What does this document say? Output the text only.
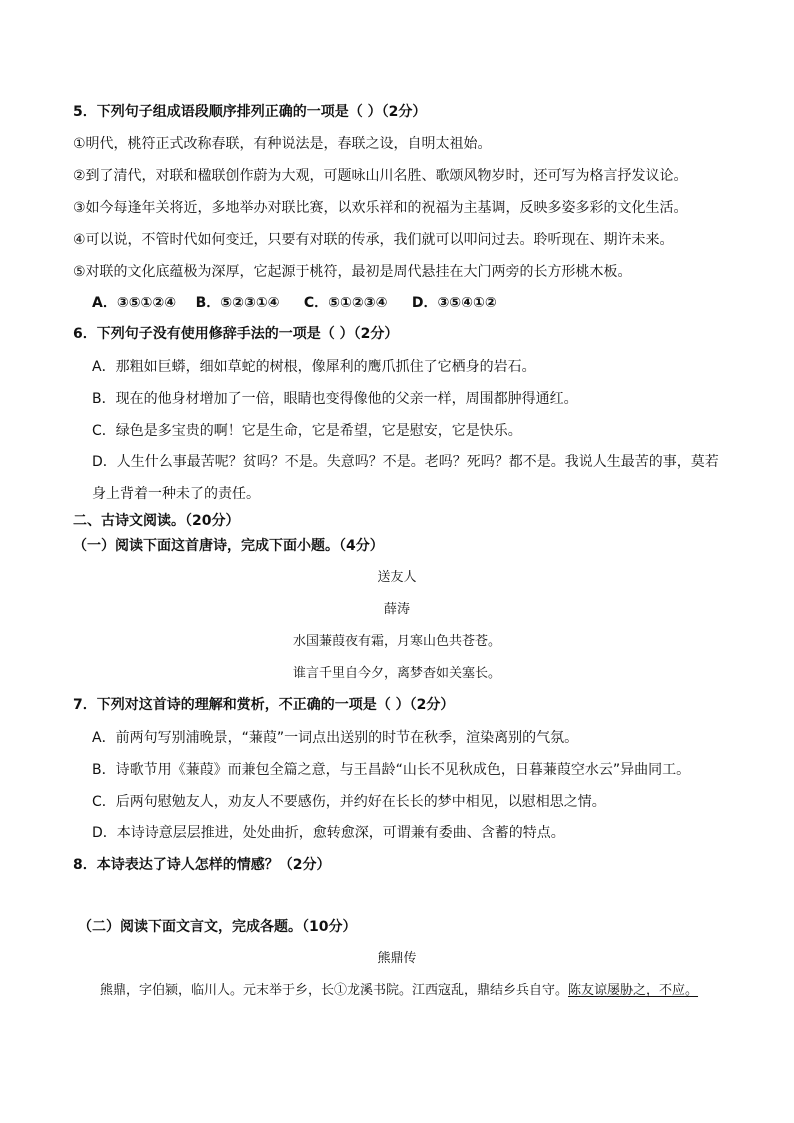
5．下列句子组成语段顺序排列正确的一项是（ ）（2分）
①明代，桃符正式改称春联，有种说法是，春联之设，自明太祖始。
②到了清代，对联和楹联创作蔚为大观，可题咏山川名胜、歌颂风物岁时，还可写为格言抒发议论。
③如今每逢年关将近，多地举办对联比赛，以欢乐祥和的祝福为主基调，反映多姿多彩的文化生活。
④可以说，不管时代如何变迁，只要有对联的传承，我们就可以叩问过去。聆听现在、期许未来。
⑤对联的文化底蕴极为深厚，它起源于桃符，最初是周代悬挂在大门两旁的长方形桃木板。
A．③⑤①②④    B．⑤②③①④     C．⑤①②③④     D．③⑤④①②
6．下列句子没有使用修辞手法的一项是（ ）（2分）
A．那粗如巨蟒，细如草蛇的树根，像犀利的鹰爪抓住了它栖身的岩石。
B．现在的他身材增加了一倍，眼睛也变得像他的父亲一样，周围都肿得通红。
C．绿色是多宝贵的啊！它是生命，它是希望，它是慰安，它是快乐。
D．人生什么事最苦呢？贫吗？不是。失意吗？不是。老吗？死吗？都不是。我说人生最苦的事，莫若
身上背着一种未了的责任。
二、古诗文阅读。（20分）
（一）阅读下面这首唐诗，完成下面小题。（4分）
送友人
薛涛
水国蒹葭夜有霜，月寒山色共苍苍。
谁言千里自今夕，离梦杳如关塞长。
7．下列对这首诗的理解和赏析，不正确的一项是（ ）（2分）
A．前两句写别浦晚景，“蒹葭”一词点出送别的时节在秋季，渲染离别的气氛。
B．诗歌节用《蒹葭》而兼包全篇之意，与王昌龄“山长不见秋成色，日暮蒹葭空水云”异曲同工。
C．后两句慰勉友人，劝友人不要感伤，并约好在长长的梦中相见，以慰相思之情。
D．本诗诗意层层推进，处处曲折，愈转愈深，可谓兼有委曲、含蓄的特点。
8．本诗表达了诗人怎样的情感？（2分）
（二）阅读下面文言文，完成各题。（10分）
熊鼎传
熊鼎，字伯颍，临川人。元末举于乡，长①龙溪书院。江西寇乱，鼎结乡兵自守。陈友谅屡胁之，不应。
